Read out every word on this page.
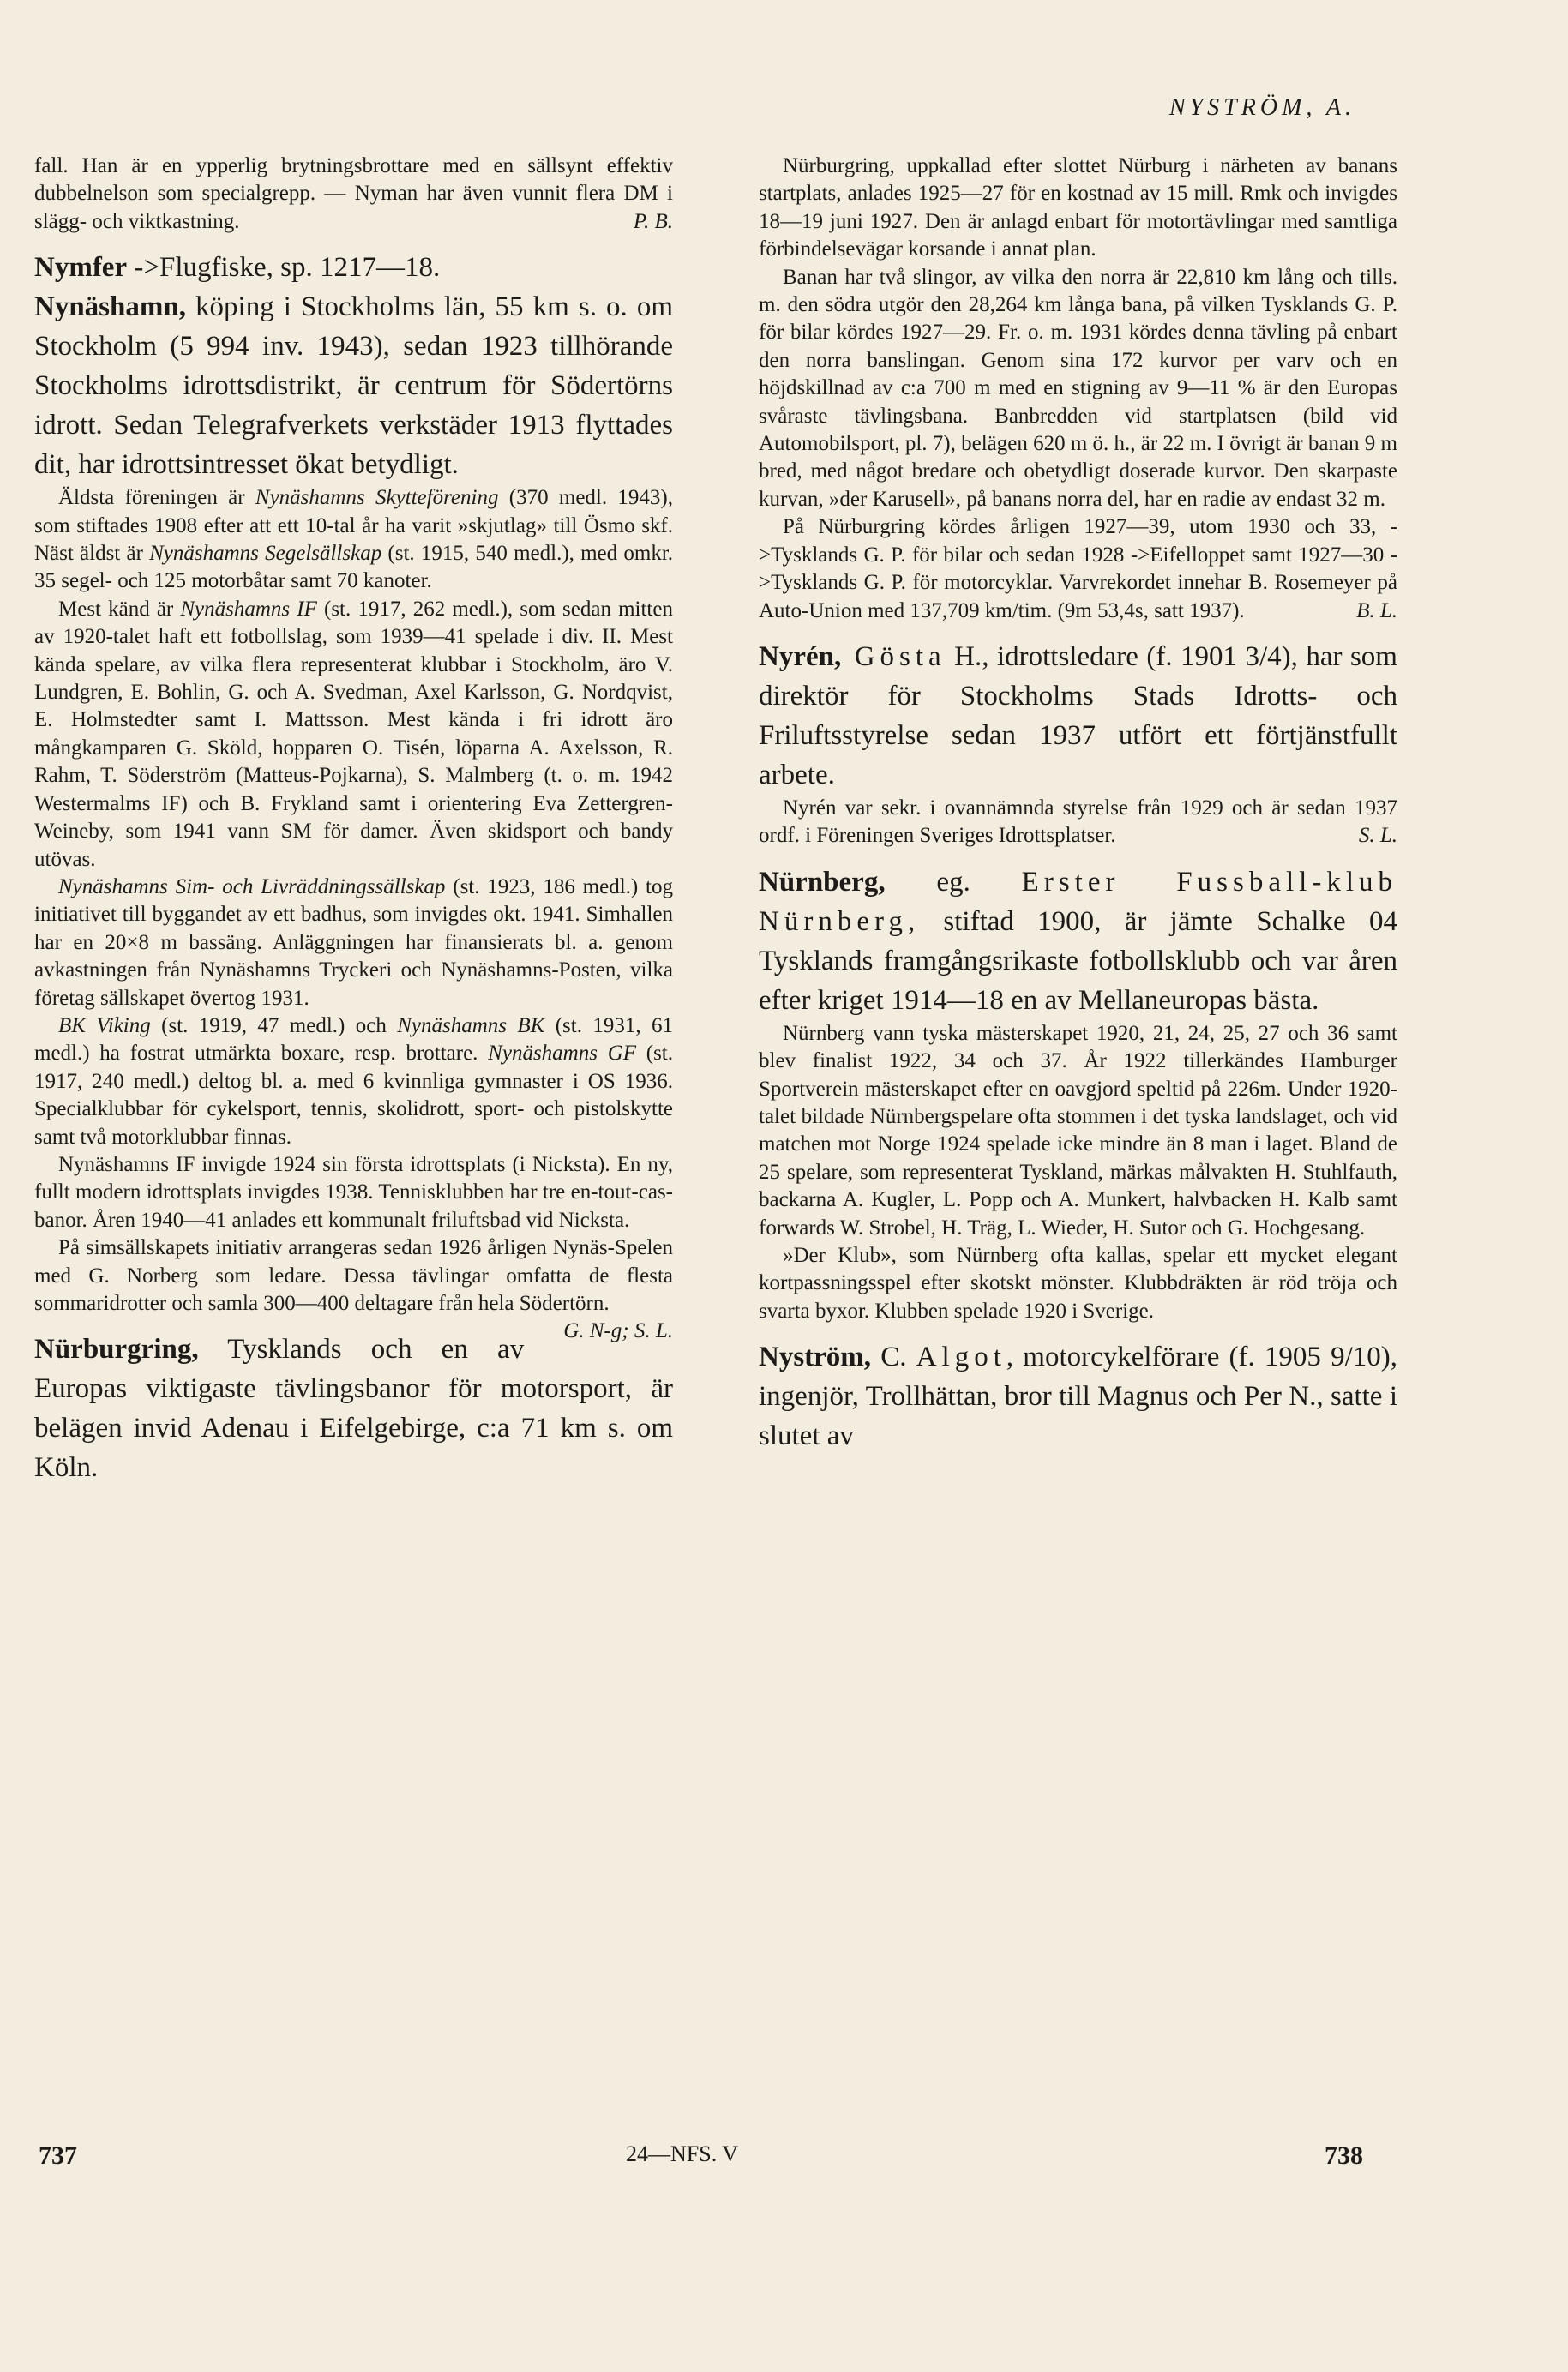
NYSTRÖM, A.

fall. Han är en ypperlig brytningsbrottare med en sällsynt effektiv dubbelnelson som specialgrepp. — Nyman har även vunnit flera DM i slägg- och viktkastning.	P. B.

Nymfer ->Flugfiske, sp. 1217—18.

Nynäshamn, köping i Stockholms län, 55 km s. o. om Stockholm (5 994 inv. 1943), sedan 1923 tillhörande Stockholms idrottsdistrikt, är centrum för Södertörns idrott. Sedan Telegrafverkets verkstäder 1913 flyttades dit, har idrottsintresset ökat betydligt.

Äldsta föreningen är Nynäshamns Skytteförening (370 medl. 1943), som stiftades 1908 efter att ett 10-tal år ha varit »skjutlag» till Ösmo skf. Näst äldst är Nynäshamns Segelsällskap (st. 1915, 540 medl.), med omkr. 35 segel- och 125 motorbåtar samt 70 kanoter.

Mest känd är Nynäshamns IF (st. 1917, 262 medl.), som sedan mitten av 1920-talet haft ett fotbollslag, som 1939—41 spelade i div. II. Mest kända spelare, av vilka flera representerat klubbar i Stockholm, äro V. Lundgren, E. Bohlin, G. och A. Svedman, Axel Karlsson, G. Nordqvist, E. Holmstedter samt I. Mattsson. Mest kända i fri idrott äro mångkamparen G. Sköld, hopparen O. Tisén, löparna A. Axelsson, R. Rahm, T. Söderström (Matteus-Pojkarna), S. Malmberg (t. o. m. 1942 Westermalms IF) och B. Frykland samt i orientering Eva Zettergren-Weineby, som 1941 vann SM för damer. Även skidsport och bandy utövas.

Nynäshamns Sim- och Livräddningssällskap (st. 1923, 186 medl.) tog initiativet till byggandet av ett badhus, som invigdes okt. 1941. Simhallen har en 20×8 m bassäng. Anläggningen har finansierats bl. a. genom avkastningen från Nynäshamns Tryckeri och Nynäshamns-Posten, vilka företag sällskapet övertog 1931.

BK Viking (st. 1919, 47 medl.) och Nynäshamns BK (st. 1931, 61 medl.) ha fostrat utmärkta boxare, resp. brottare. Nynäshamns GF (st. 1917, 240 medl.) deltog bl. a. med 6 kvinnliga gymnaster i OS 1936. Specialklubbar för cykelsport, tennis, skolidrott, sport- och pistolskytte samt två motorklubbar finnas.

Nynäshamns IF invigde 1924 sin första idrottsplats (i Nicksta). En ny, fullt modern idrottsplats invigdes 1938. Tennisklubben har tre en-tout-cas-banor. Åren 1940—41 anlades ett kommunalt friluftsbad vid Nicksta.

På simsällskapets initiativ arrangeras sedan 1926 årligen Nynäs-Spelen med G. Norberg som ledare. Dessa tävlingar omfatta de flesta sommaridrotter och samla 300—400 deltagare från hela Södertörn.
G. N-g; S. L.

Nürburgring, Tysklands och en av Europas viktigaste tävlingsbanor för motorsport, är belägen invid Adenau i Eifelgebirge, c:a 71 km s. om Köln.

Nürburgring, uppkallad efter slottet Nürburg i närheten av banans startplats, anlades 1925—27 för en kostnad av 15 mill. Rmk och invigdes 18—19 juni 1927. Den är anlagd enbart för motortävlingar med samtliga förbindelsevägar korsande i annat plan.

Banan har två slingor, av vilka den norra är 22,810 km lång och tills. m. den södra utgör den 28,264 km långa bana, på vilken Tysklands G. P. för bilar kördes 1927—29. Fr. o. m. 1931 kördes denna tävling på enbart den norra banslingan. Genom sina 172 kurvor per varv och en höjdskillnad av c:a 700 m med en stigning av 9—11 % är den Europas svåraste tävlingsbana. Banbredden vid startplatsen (bild vid Automobilsport, pl. 7), belägen 620 m ö. h., är 22 m. I övrigt är banan 9 m bred, med något bredare och obetydligt doserade kurvor. Den skarpaste kurvan, »der Karusell», på banans norra del, har en radie av endast 32 m.

På Nürburgring kördes årligen 1927—39, utom 1930 och 33, ->Tysklands G. P. för bilar och sedan 1928 ->Eifelloppet samt 1927—30 ->Tysklands G. P. för motorcyklar. Varvrekordet innehar B. Rosemeyer på Auto-Union med 137,709 km/tim. (9m 53,4s, satt 1937).	B. L.

Nyrén, Gösta H., idrottsledare (f. 1901 3/4), har som direktör för Stockholms Stads Idrotts- och Friluftsstyrelse sedan 1937 utfört ett förtjänstfullt arbete.

Nyrén var sekr. i ovannämnda styrelse från 1929 och är sedan 1937 ordf. i Föreningen Sveriges Idrottsplatser.	S. L.

Nürnberg, eg. Erster Fussball-klub Nürnberg, stiftad 1900, är jämte Schalke 04 Tysklands framgångsrikaste fotbollsklubb och var åren efter kriget 1914—18 en av Mellaneuropas bästa.

Nürnberg vann tyska mästerskapet 1920, 21, 24, 25, 27 och 36 samt blev finalist 1922, 34 och 37. År 1922 tillerkändes Hamburger Sportverein mästerskapet efter en oavgjord speltid på 226m. Under 1920-talet bildade Nürnbergspelare ofta stommen i det tyska landslaget, och vid matchen mot Norge 1924 spelade icke mindre än 8 man i laget. Bland de 25 spelare, som representerat Tyskland, märkas målvakten H. Stuhlfauth, backarna A. Kugler, L. Popp och A. Munkert, halvbacken H. Kalb samt forwards W. Strobel, H. Träg, L. Wieder, H. Sutor och G. Hochgesang.

»Der Klub», som Nürnberg ofta kallas, spelar ett mycket elegant kortpassningsspel efter skotskt mönster. Klubbdräkten är röd tröja och svarta byxor. Klubben spelade 1920 i Sverige.

Nyström, C. Algot, motorcykelförare (f. 1905 9/10), ingenjör, Trollhättan, bror till Magnus och Per N., satte i slutet av

737	24—NFS. V	738
